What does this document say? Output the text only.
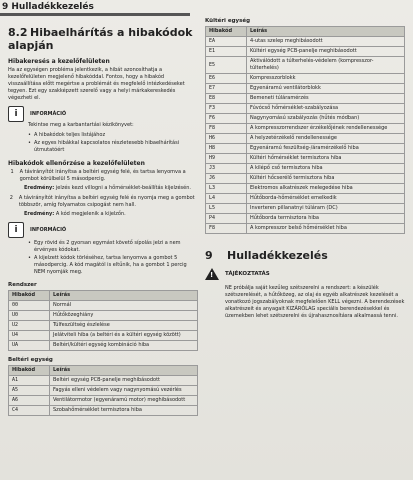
9 Hulladékkezelés
8.2 Hibaelhárítás a hibakódok alapján
Hibakeresés a kezelőfelületen

Ha az egységen probléma jelentkezik, a hibát azonosíthatja a kezelőfelületen megjelenő hibakóddal. Fontos, hogy a hibakód visszaállítása előtt megértse a problémát és megfelelő intézkedéseket tegyen. Ezt egy szakképzett szerelő vagy a helyi márkakereskedés végezheti el.

i	INFORMÁCIÓ

Tekintse meg a karbantartási kézikönyvet:

• A hibakódok teljes listájához
• Az egyes hibákkal kapcsolatos részletesebb hibaelhárítási útmutatóért
Hibakódok ellenőrzése a kezelőfelületen
1 A távirányítót irányítsa a beltéri egység felé, és tartsa lenyomva a gombot körülbelül 5 másodpercig.
Eredmény: jelzés kezd villogni a hőmérséklet-beállítás kijelzésén.
2 A távirányítót irányítsa a beltéri egység felé és nyomja meg a gombot többször, amíg folyamatos csipogást nem hall.
Eredmény: A kód megjelenik a kijelzőn.
i	INFORMÁCIÓ
• Egy rövid és 2 gyorsan egymást követő sípolás jelzi a nem érvényes kódokat.
• A kijelzett kódok törléséhez, tartsa lenyomva a gombot 5 másodpercig. A kód magától is eltűnik, ha a gombot 1 percig NEM nyomják meg.
Rendszer
Hibakód	Leírás
00	Normál
U0	Hűtőközeghiány
U2	Túlfeszültség észlelése
U4	Jelátviteli hiba (a beltéri és a kültéri egység között)
UA	Beltéri/kültéri egység kombináció hiba
Beltéri egység
Hibakód	Leírás
A1	Beltéri egység PCB-panelje meghibásodott
A5	Fagyás elleni védelem vagy nagynyomású vezérlés
A6	Ventilátormotor (egyenáramú motor) meghibásodott
C4	Szobahőmérséklet termisztora hiba
Kültéri egység
Hibakód	Leírás
EA	4-utas szelep meghibásodott
E1	Kültéri egység PCB-panelje meghibásodott
E5	Aktiválódott a túlterhelés-védelem (kompresszor-túlterhelés)
E6	Kompresszorblokk
E7	Egyenáramú ventilátorblokk
E8	Bemeneti túláramérzés
F3	Fúvócső hőmérséklet-szabályozása
F6	Nagynyomású szabályozás (hűtés módban)
F8	A kompresszorrendszer érzékelőjének rendellenessége
H6	A helyzetérzékelő rendellenessége
H8	Egyenáramú feszültség-/áramérzékelő hiba
H9	Kültéri hőmérséklet termisztora hiba
J3	A kilépő cső termisztora hiba
J6	Kültéri hőcserélő termisztora hiba
L3	Elektromos alkatrészek melegedése hiba
L4	Hűtőborda-hőmérséklet emelkedik
L5	Inverteren pillanatnyi túláram (DC)
P4	Hűtőborda termisztora hiba
F8	A kompresszor belső hőmérséklet hiba
9 Hulladékkezelés
! TÁJÉKOZTATÁS

NE próbálja saját kezűleg szétszerelni a rendszert: a készülék szétszerelését, a hűtőközeg, az olaj és egyéb alkatrészek kezelését a vonatkozó jogszabályoknak megfelelően KELL végezni. A berendezések alkatrészeit és anyagait KIZÁRÓLAG speciális berendezésekkel és üzemekben lehet szétszerelni és újrahasznosításra alkalmassá tenni.
